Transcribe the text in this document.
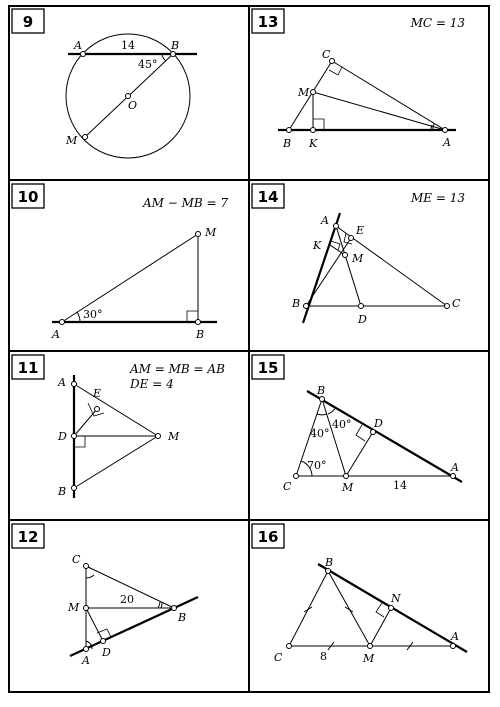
9
A	B
O
M
14
45°
13	MC = 13
C
M
B K	A
10	AM − MB = 7
M
A	B
30°
14	ME = 13
A
K
E
M
B
D
C
11	AM = MB = AB
DE = 4
A
E
D	M
B
15
B
D
C	M
A
40°
40°
70°
14
12
C
M
B
A
D
20
16
B
N
C	M
A
8
